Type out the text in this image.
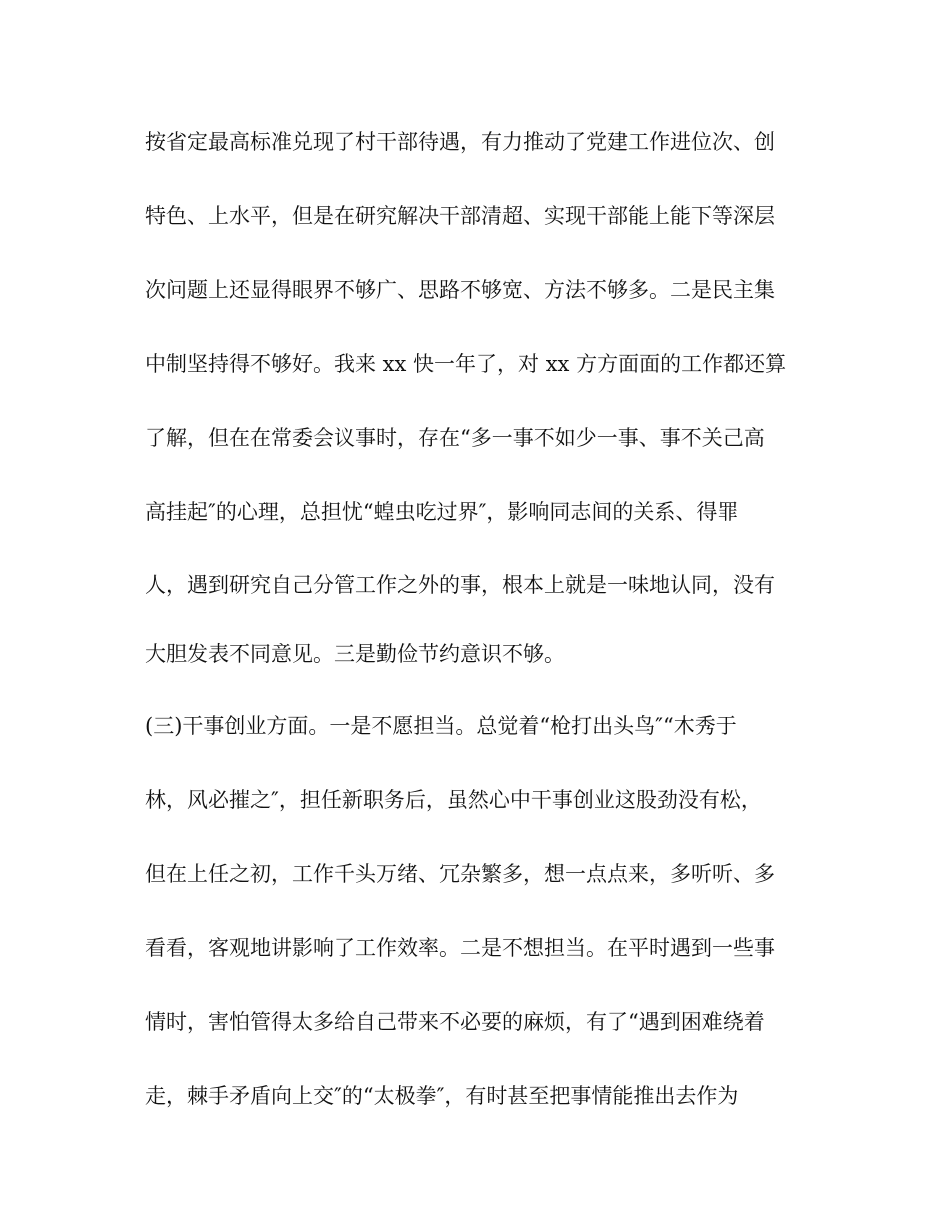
按省定最高标准兑现了村干部待遇，有力推动了党建工作进位次、创
特色、上水平，但是在研究解决干部清超、实现干部能上能下等深层
次问题上还显得眼界不够广、思路不够宽、方法不够多。二是民主集
中制坚持得不够好。我来 xx 快一年了，对 xx 方方面面的工作都还算
了解，但在在常委会议事时，存在“多一事不如少一事、事不关己高
高挂起″的心理，总担忧“蝗虫吃过界″，影响同志间的关系、得罪
人，遇到研究自己分管工作之外的事，根本上就是一味地认同，没有
大胆发表不同意见。三是勤俭节约意识不够。
(三)干事创业方面。一是不愿担当。总觉着“枪打出头鸟″“木秀于
林，风必摧之″，担任新职务后，虽然心中干事创业这股劲没有松，
但在上任之初，工作千头万绪、冗杂繁多，想一点点来，多听听、多
看看，客观地讲影响了工作效率。二是不想担当。在平时遇到一些事
情时，害怕管得太多给自己带来不必要的麻烦，有了“遇到困难绕着
走，棘手矛盾向上交″的“太极拳″，有时甚至把事情能推出去作为
